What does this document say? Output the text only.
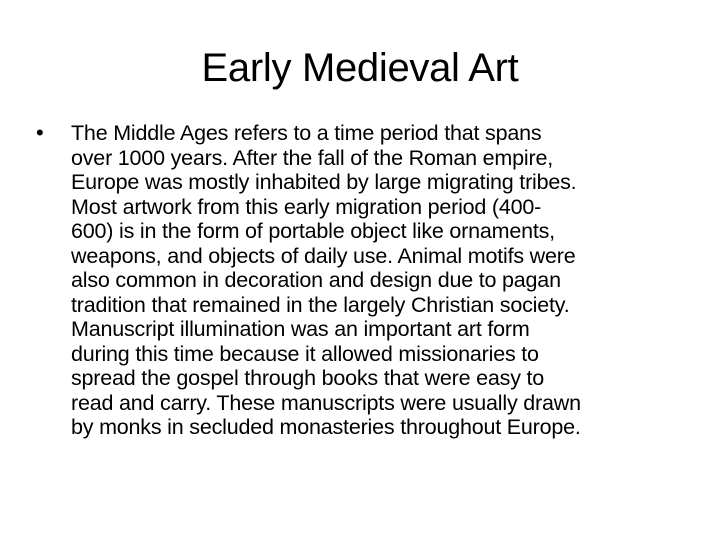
Early Medieval Art
• The Middle Ages refers to a time period that spans
over 1000 years. After the fall of the Roman empire,
Europe was mostly inhabited by large migrating tribes.
Most artwork from this early migration period (400-
600) is in the form of portable object like ornaments,
weapons, and objects of daily use. Animal motifs were
also common in decoration and design due to pagan
tradition that remained in the largely Christian society.
Manuscript illumination was an important art form
during this time because it allowed missionaries to
spread the gospel through books that were easy to
read and carry. These manuscripts were usually drawn
by monks in secluded monasteries throughout Europe.
